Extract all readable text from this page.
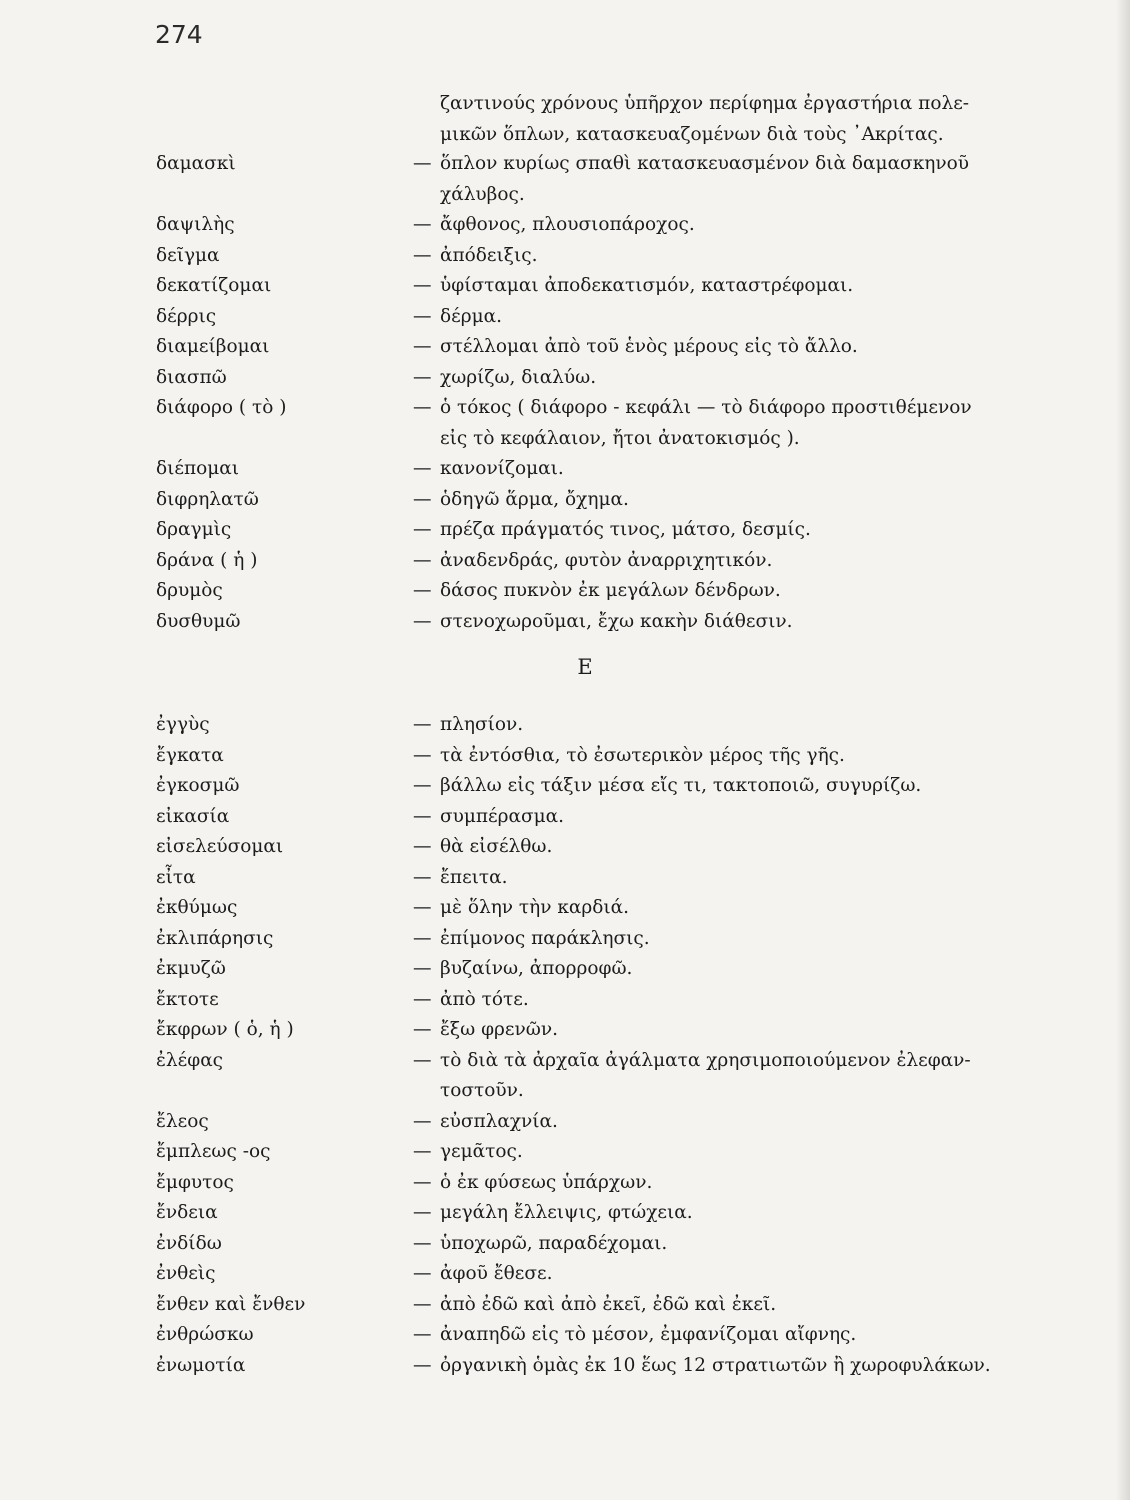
274
ζαντινούς χρόνους ὑπῆρχον περίφημα ἐργαστήρια πολε-
μικῶν ὅπλων, κατασκευαζομένων διὰ τοὺς ᾿Ακρίτας.
δαμασκὶ	— ὅπλον κυρίως σπαθὶ κατασκευασμένον διὰ δαμασκηνοῦ
χάλυβος.
δαψιλὴς	— ἄφθονος, πλουσιοπάροχος.
δεῖγμα	— ἀπόδειξις.
δεκατίζομαι	— ὑφίσταμαι ἀποδεκατισμόν, καταστρέφομαι.
δέρρις	— δέρμα.
διαμείβομαι	— στέλλομαι ἀπὸ τοῦ ἑνὸς μέρους εἰς τὸ ἄλλο.
διασπῶ	— χωρίζω, διαλύω.
διάφορο ( τὸ )	— ὁ τόκος ( διάφορο - κεφάλι — τὸ διάφορο προστιθέμενον
εἰς τὸ κεφάλαιον, ἤτοι ἀνατοκισμός ).
διέπομαι	— κανονίζομαι.
διφρηλατῶ	— ὁδηγῶ ἅρμα, ὄχημα.
δραγμὶς	— πρέζα πράγματός τινος, μάτσο, δεσμίς.
δράνα ( ἡ )	— ἀναδενδράς, φυτὸν ἀναρριχητικόν.
δρυμὸς	— δάσος πυκνὸν ἐκ μεγάλων δένδρων.
δυσθυμῶ	— στενοχωροῦμαι, ἔχω κακὴν διάθεσιν.
Ε
ἐγγὺς	— πλησίον.
ἔγκατα	— τὰ ἐντόσθια, τὸ ἐσωτερικὸν μέρος τῆς γῆς.
ἐγκοσμῶ	— βάλλω εἰς τάξιν μέσα εἴς τι, τακτοποιῶ, συγυρίζω.
εἰκασία	— συμπέρασμα.
εἰσελεύσομαι	— θὰ εἰσέλθω.
εἶτα	— ἔπειτα.
ἐκθύμως	— μὲ ὅλην τὴν καρδιά.
ἐκλιπάρησις	— ἐπίμονος παράκλησις.
ἐκμυζῶ	— βυζαίνω, ἀπορροφῶ.
ἔκτοτε	— ἀπὸ τότε.
ἔκφρων ( ὁ, ἡ )	— ἔξω φρενῶν.
ἐλέφας	— τὸ διὰ τὰ ἀρχαῖα ἀγάλματα χρησιμοποιούμενον ἐλεφαν-
τοστοῦν.
ἔλεος	— εὐσπλαχνία.
ἔμπλεως -ος	— γεμᾶτος.
ἔμφυτος	— ὁ ἐκ φύσεως ὑπάρχων.
ἔνδεια	— μεγάλη ἔλλειψις, φτώχεια.
ἐνδίδω	— ὑποχωρῶ, παραδέχομαι.
ἐνθεὶς	— ἀφοῦ ἔθεσε.
ἔνθεν καὶ ἔνθεν	— ἀπὸ ἐδῶ καὶ ἀπὸ ἐκεῖ, ἐδῶ καὶ ἐκεῖ.
ἐνθρώσκω	— ἀναπηδῶ εἰς τὸ μέσον, ἐμφανίζομαι αἴφνης.
ἐνωμοτία	— ὀργανικὴ ὁμὰς ἐκ 10 ἕως 12 στρατιωτῶν ἢ χωροφυλάκων.
